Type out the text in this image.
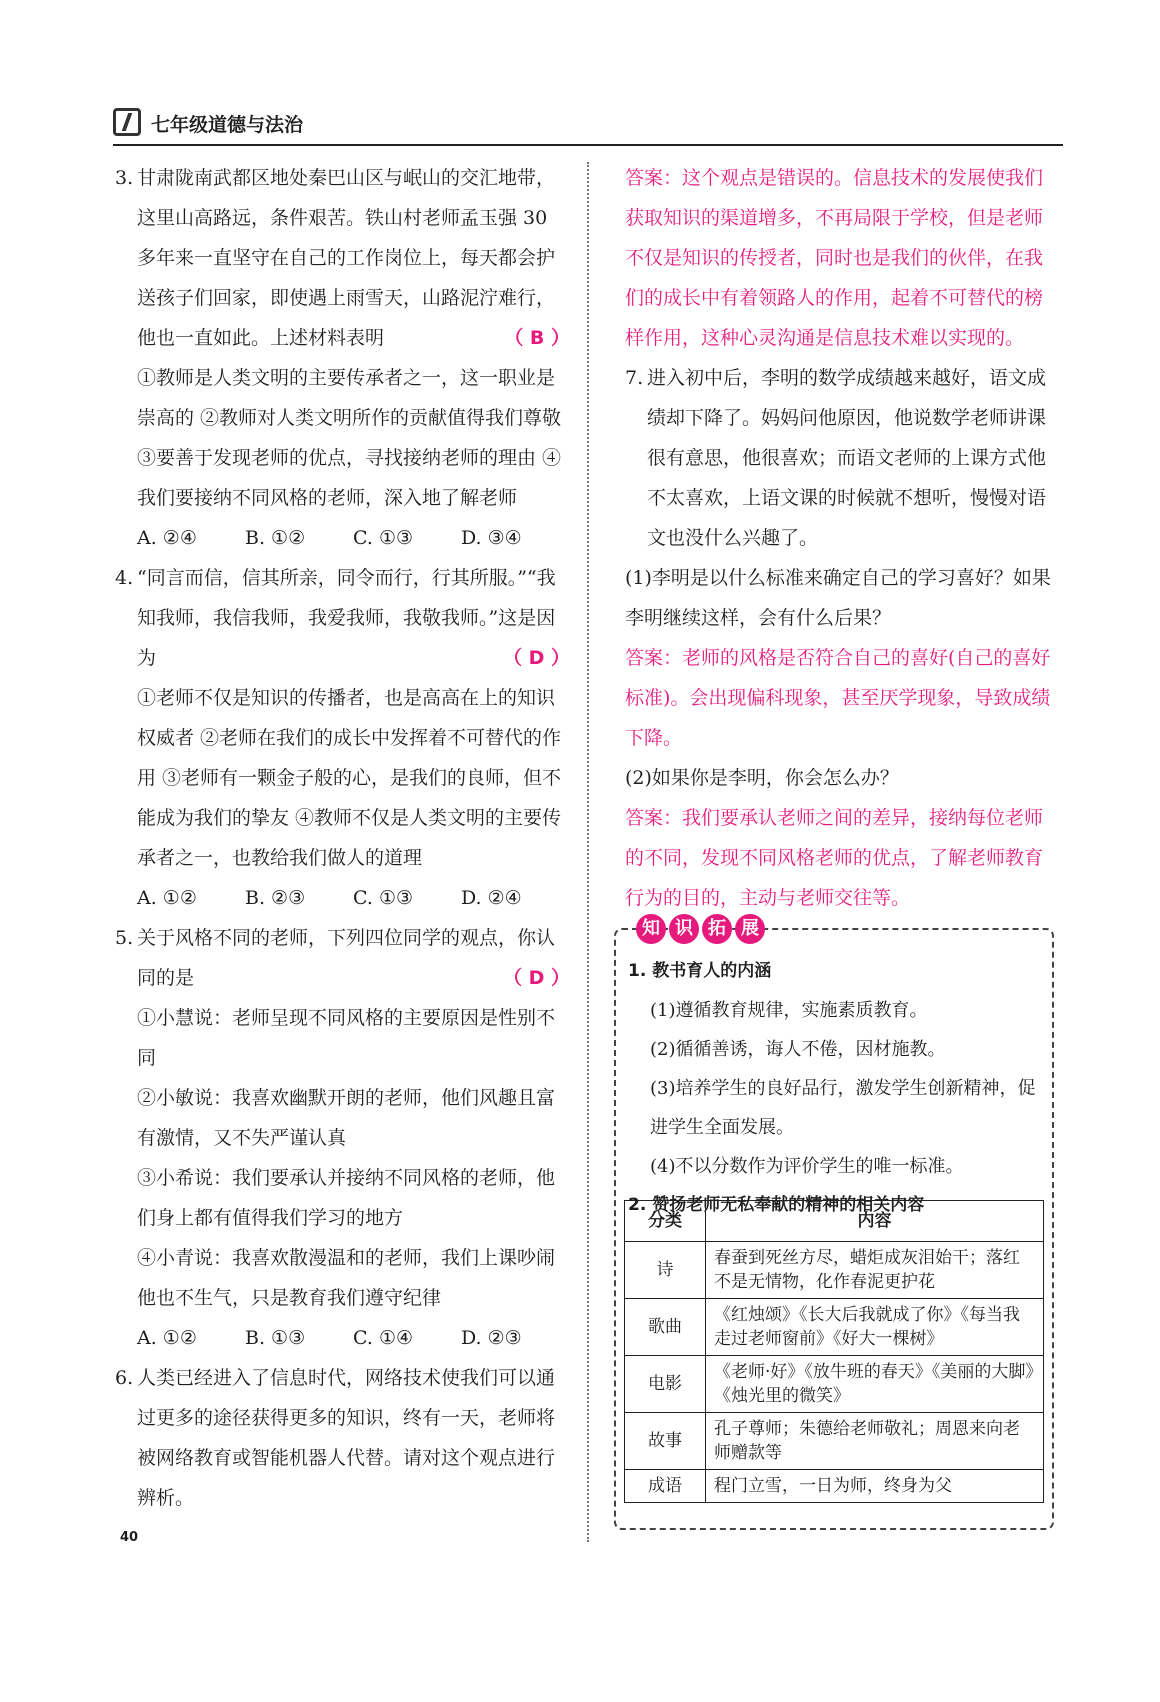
七年级道德与法治
3. 甘肃陇南武都区地处秦巴山区与岷山的交汇地带，这里山高路远，条件艰苦。铁山村老师孟玉强 30 多年来一直坚守在自己的工作岗位上，每天都会护送孩子们回家，即使遇上雨雪天，山路泥泞难行，他也一直如此。上述材料表明	（ B ）
①教师是人类文明的主要传承者之一，这一职业是崇高的 ②教师对人类文明所作的贡献值得我们尊敬 ③要善于发现老师的优点，寻找接纳老师的理由 ④我们要接纳不同风格的老师，深入地了解老师
A. ②④	B. ①②	C. ①③	D. ③④
4. “同言而信，信其所亲，同令而行，行其所服。”“我知我师，我信我师，我爱我师，我敬我师。”这是因为	（ D ）
①老师不仅是知识的传播者，也是高高在上的知识权威者 ②老师在我们的成长中发挥着不可替代的作用 ③老师有一颗金子般的心，是我们的良师，但不能成为我们的挚友 ④教师不仅是人类文明的主要传承者之一，也教给我们做人的道理
A. ①②	B. ②③	C. ①③	D. ②④
5. 关于风格不同的老师，下列四位同学的观点，你认同的是	（ D ）
①小慧说：老师呈现不同风格的主要原因是性别不同
②小敏说：我喜欢幽默开朗的老师，他们风趣且富有激情，又不失严谨认真
③小希说：我们要承认并接纳不同风格的老师，他们身上都有值得我们学习的地方
④小青说：我喜欢散漫温和的老师，我们上课吵闹他也不生气，只是教育我们遵守纪律
A. ①②	B. ①③	C. ①④	D. ②③
6. 人类已经进入了信息时代，网络技术使我们可以通过更多的途径获得更多的知识，终有一天，老师将被网络教育或智能机器人代替。请对这个观点进行辨析。
答案：这个观点是错误的。信息技术的发展使我们获取知识的渠道增多，不再局限于学校，但是老师不仅是知识的传授者，同时也是我们的伙伴，在我们的成长中有着领路人的作用，起着不可替代的榜样作用，这种心灵沟通是信息技术难以实现的。
7. 进入初中后，李明的数学成绩越来越好，语文成绩却下降了。妈妈问他原因，他说数学老师讲课很有意思，他很喜欢；而语文老师的上课方式他不太喜欢，上语文课的时候就不想听，慢慢对语文也没什么兴趣了。
(1)李明是以什么标准来确定自己的学习喜好？如果李明继续这样，会有什么后果？
答案：老师的风格是否符合自己的喜好(自己的喜好标准)。会出现偏科现象，甚至厌学现象，导致成绩下降。
(2)如果你是李明，你会怎么办？
答案：我们要承认老师之间的差异，接纳每位老师的不同，发现不同风格老师的优点，了解老师教育行为的目的，主动与老师交往等。
知 识 拓 展
1. 教书育人的内涵
(1)遵循教育规律，实施素质教育。
(2)循循善诱，诲人不倦，因材施教。
(3)培养学生的良好品行，激发学生创新精神，促进学生全面发展。
(4)不以分数作为评价学生的唯一标准。
2. 赞扬老师无私奉献的精神的相关内容
分类	内容
诗	春蚕到死丝方尽，蜡炬成灰泪始干；落红不是无情物，化作春泥更护花
歌曲	《红烛颂》《长大后我就成了你》《每当我走过老师窗前》《好大一棵树》
电影	《老师·好》《放牛班的春天》《美丽的大脚》《烛光里的微笑》
故事	孔子尊师；朱德给老师敬礼；周恩来向老师赠款等
成语	程门立雪，一日为师，终身为父
40
